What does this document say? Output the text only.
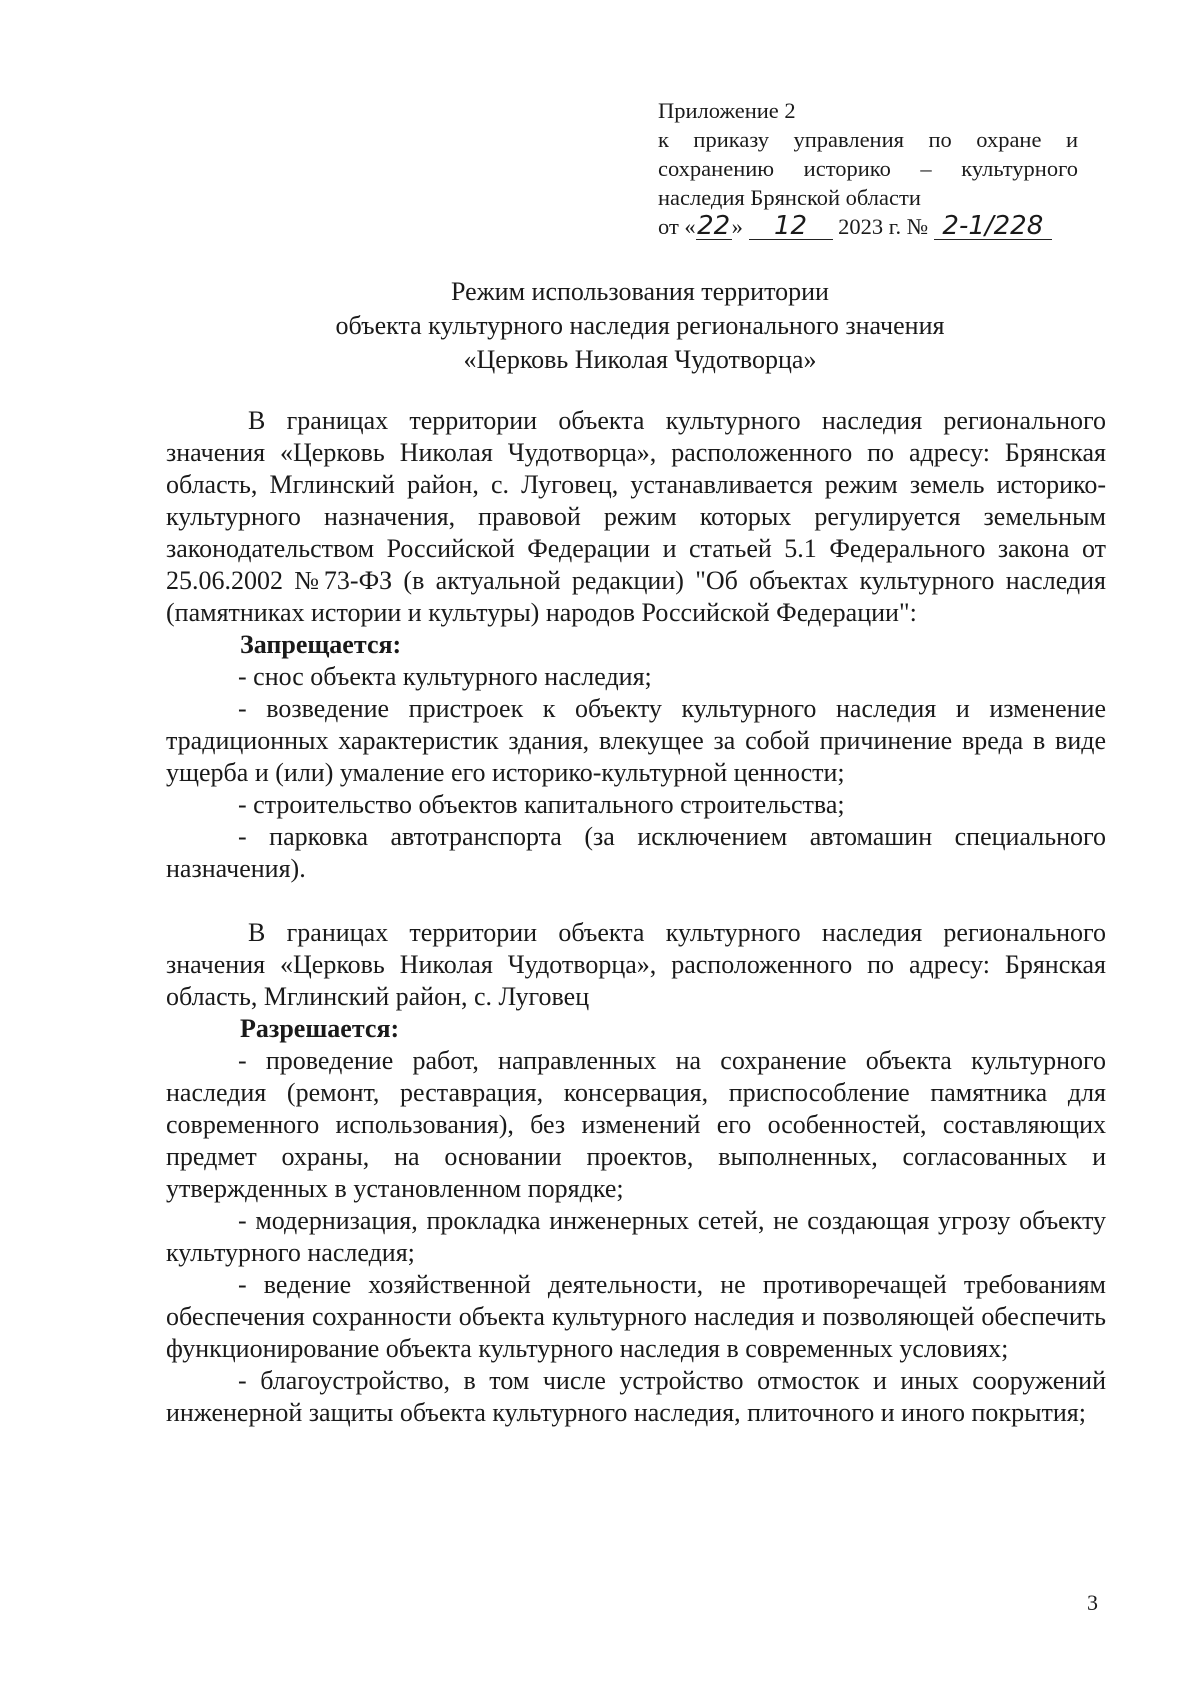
Приложение 2
к приказу управления по охране и
сохранению историко – культурного
наследия Брянской области
от «22» 12 2023 г. № 2-1/228
Режим использования территории
объекта культурного наследия регионального значения
«Церковь Николая Чудотворца»

В границах территории объекта культурного наследия регионального значения «Церковь Николая Чудотворца», расположенного по адресу: Брянская область, Мглинский район, с. Луговец, устанавливается режим земель историко-культурного назначения, правовой режим которых регулируется земельным законодательством Российской Федерации и статьей 5.1 Федерального закона от 25.06.2002 №73-ФЗ (в актуальной редакции) "Об объектах культурного наследия (памятниках истории и культуры) народов Российской Федерации":

Запрещается:

- снос объекта культурного наследия;

- возведение пристроек к объекту культурного наследия и изменение традиционных характеристик здания, влекущее за собой причинение вреда в виде ущерба и (или) умаление его историко-культурной ценности;

- строительство объектов капитального строительства;

- парковка автотранспорта (за исключением автомашин специального назначения).

В границах территории объекта культурного наследия регионального значения «Церковь Николая Чудотворца», расположенного по адресу: Брянская область, Мглинский район, с. Луговец

Разрешается:

- проведение работ, направленных на сохранение объекта культурного наследия (ремонт, реставрация, консервация, приспособление памятника для современного использования), без изменений его особенностей, составляющих предмет охраны, на основании проектов, выполненных, согласованных и утвержденных в установленном порядке;

- модернизация, прокладка инженерных сетей, не создающая угрозу объекту культурного наследия;

- ведение хозяйственной деятельности, не противоречащей требованиям обеспечения сохранности объекта культурного наследия и позволяющей обеспечить функционирование объекта культурного наследия в современных условиях;

- благоустройство, в том числе устройство отмосток и иных сооружений инженерной защиты объекта культурного наследия, плиточного и иного покрытия;

3
